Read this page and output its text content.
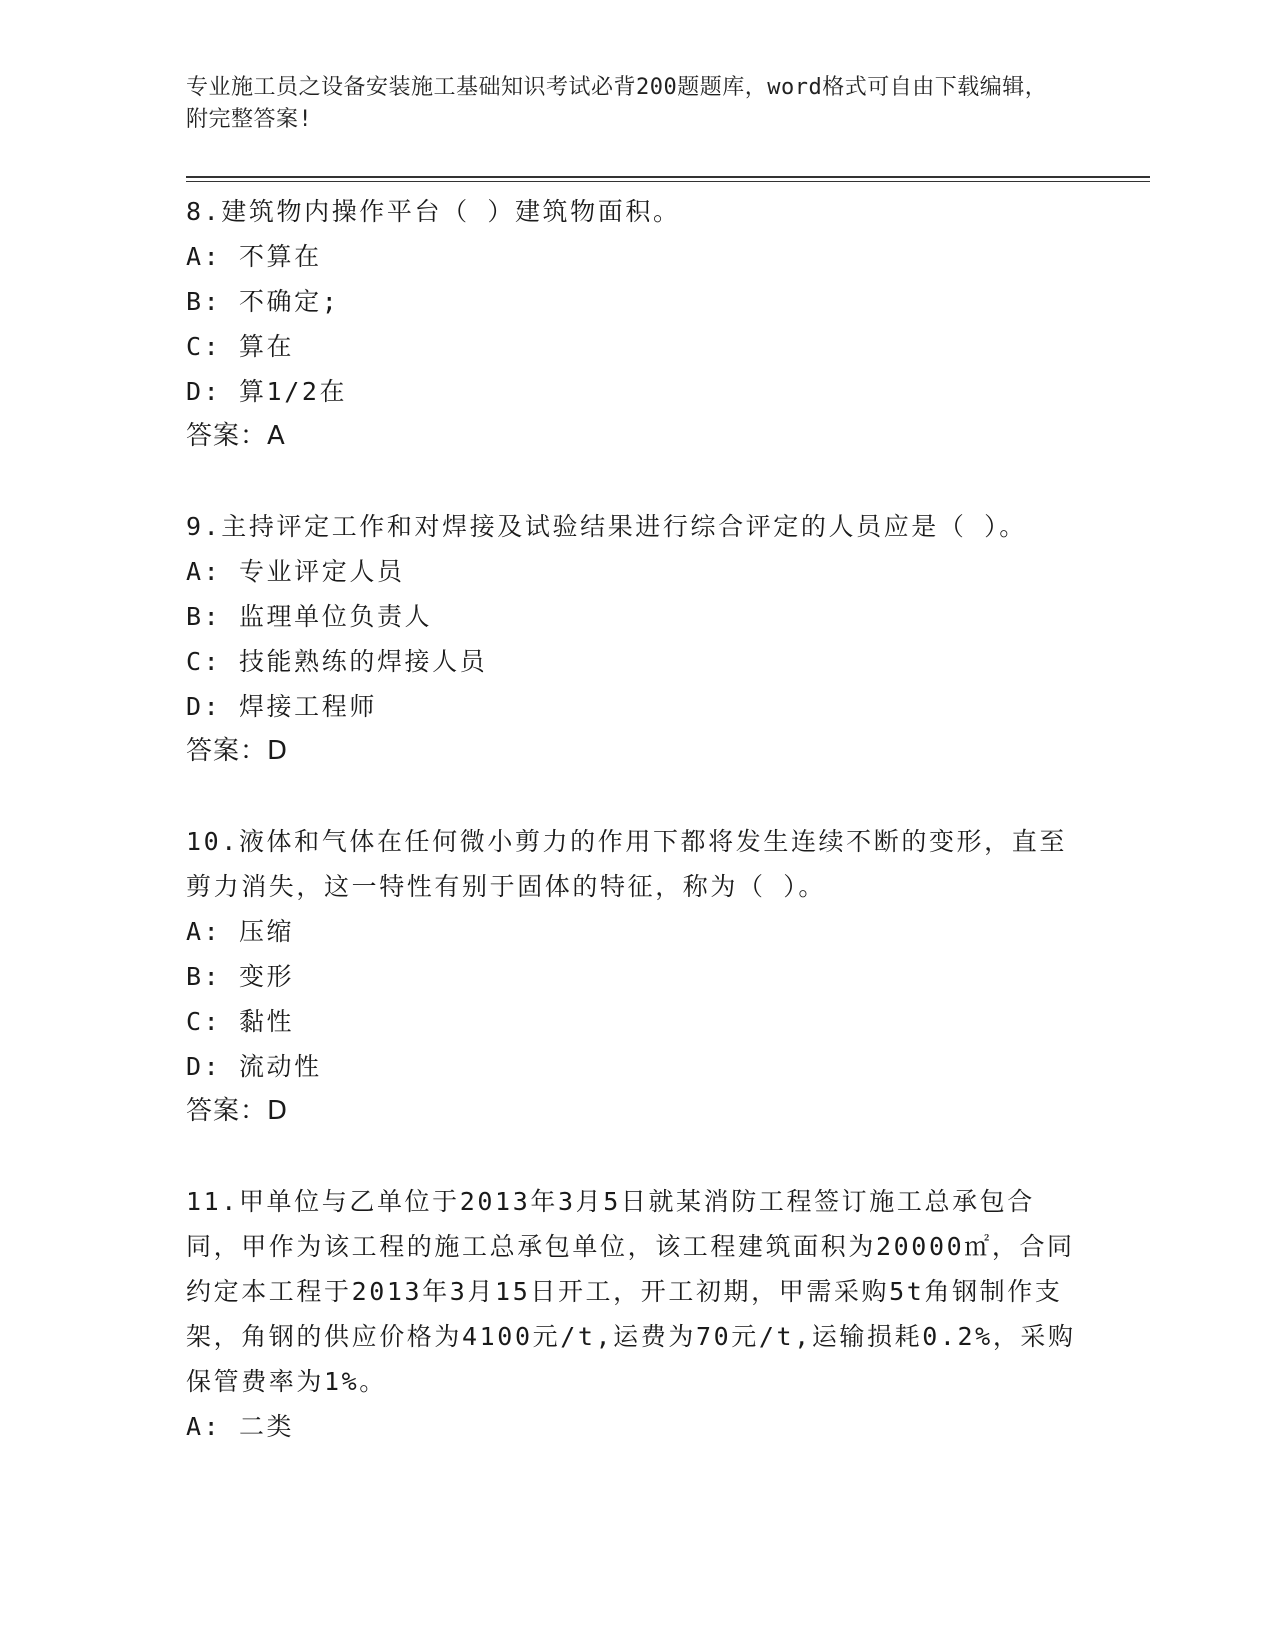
专业施工员之设备安装施工基础知识考试必背200题题库，word格式可自由下载编辑，附完整答案!
8.建筑物内操作平台（ ）建筑物面积。
A: 不算在
B: 不确定;
C: 算在
D: 算1/2在
答案：A
9.主持评定工作和对焊接及试验结果进行综合评定的人员应是（ ）。
A: 专业评定人员
B: 监理单位负责人
C: 技能熟练的焊接人员
D: 焊接工程师
答案：D
10.液体和气体在任何微小剪力的作用下都将发生连续不断的变形，直至剪力消失，这一特性有别于固体的特征，称为（ ）。
A: 压缩
B: 变形
C: 黏性
D: 流动性
答案：D
11.甲单位与乙单位于2013年3月5日就某消防工程签订施工总承包合同，甲作为该工程的施工总承包单位，该工程建筑面积为20000㎡，合同约定本工程于2013年3月15日开工，开工初期，甲需采购5t角钢制作支架，角钢的供应价格为4100元/t,运费为70元/t,运输损耗0.2%，采购保管费率为1%。
A: 二类
